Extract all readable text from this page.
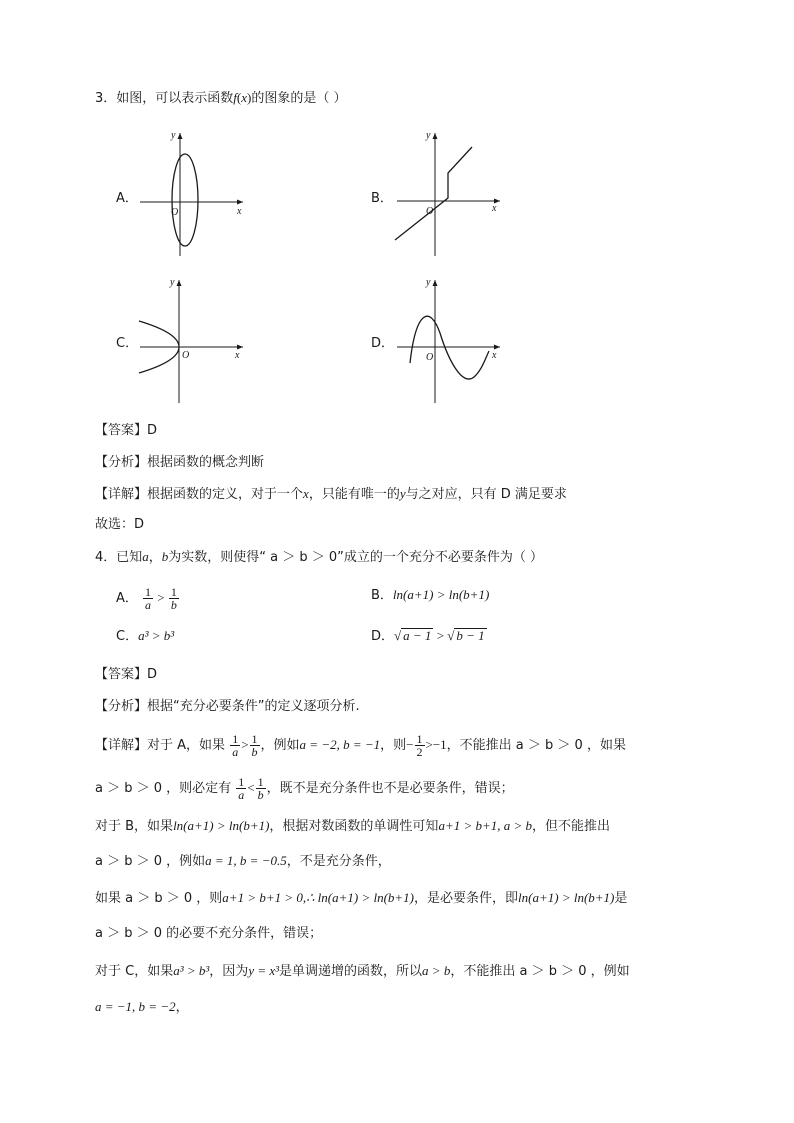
3．如图，可以表示函数f(x)的图象的是（ ）
A．
y
x
O
B．
y
x
O
C．
y
x
O
D．
y
x
O
【答案】D
【分析】根据函数的概念判断
【详解】根据函数的定义，对于一个x，只能有唯一的y与之对应，只有 D 满足要求
故选：D
4．已知a，b为实数，则使得“ a ＞ b ＞ 0”成立的一个充分不必要条件为（ ）
A． $\frac{1}{a} > \frac{1}{b}$	B．ln(a+1) > ln(b+1)
C．a³ > b³	D．√ a − 1 > √ b − 1
【答案】D
【分析】根据“充分必要条件”的定义逐项分析.
【详解】对于 A，如果 $\frac{1}{a} > \frac{1}{b}$ ，例如a = −2, b = −1，则− $\frac{1}{2} >-1$，不能推出 a ＞ b ＞ 0 ，如果
a ＞ b ＞ 0 ，则必定有 $\frac{1}{a} < \frac{1}{b}$ ，既不是充分条件也不是必要条件，错误；
对于 B，如果ln(a+1) > ln(b+1)，根据对数函数的单调性可知a+1 > b+1, a > b，但不能推出
a ＞ b ＞ 0 ，例如a = 1, b = −0.5，不是充分条件，
如果 a ＞ b ＞ 0 ，则a+1 > b+1 > 0,∴ ln(a+1) > ln(b+1)，是必要条件，即ln(a+1) > ln(b+1)是
a ＞ b ＞ 0 的必要不充分条件，错误；
对于 C，如果a³ > b³，因为y = x³是单调递增的函数，所以a > b，不能推出 a ＞ b ＞ 0 ，例如
a = −1, b = −2，
